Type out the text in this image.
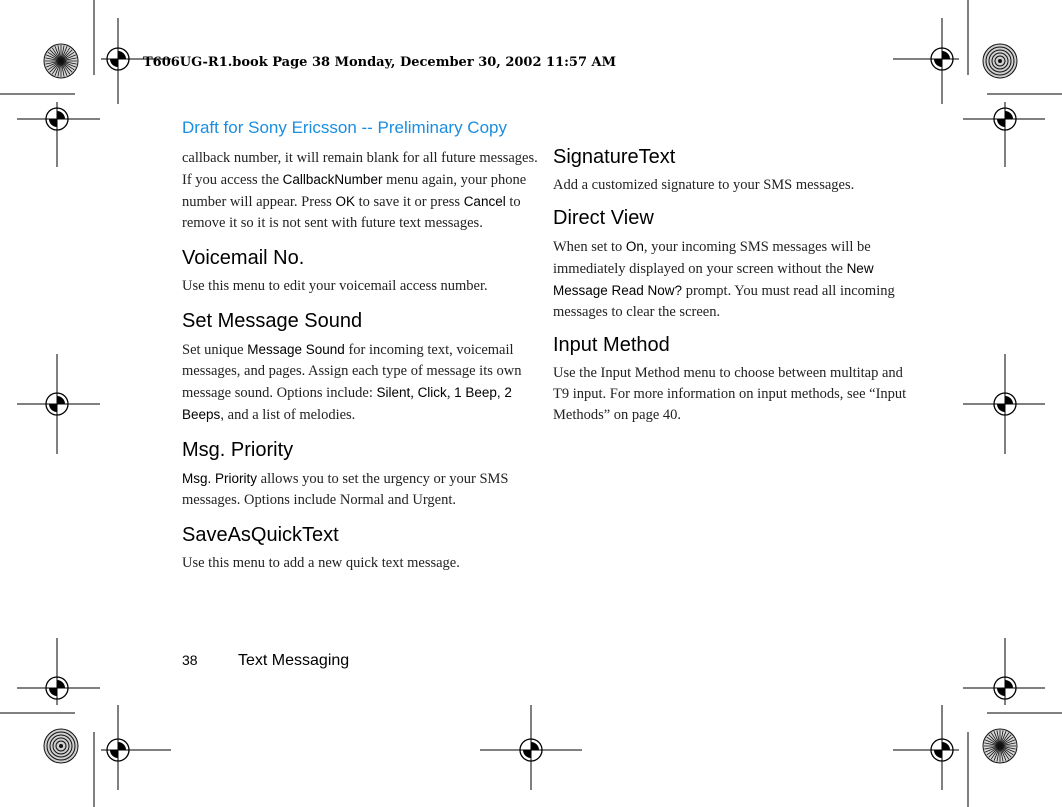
T606UG-R1.book Page 38 Monday, December 30, 2002 11:57 AM
Draft for Sony Ericsson -- Preliminary Copy

callback number, it will remain blank for all future messages. If you access the CallbackNumber menu again, your phone number will appear. Press OK to save it or press Cancel to remove it so it is not sent with future text messages.

Voicemail No.

Use this menu to edit your voicemail access number.

Set Message Sound

Set unique Message Sound for incoming text, voicemail messages, and pages. Assign each type of message its own message sound. Options include: Silent, Click, 1 Beep, 2 Beeps, and a list of melodies.

Msg. Priority

Msg. Priority allows you to set the urgency or your SMS messages. Options include Normal and Urgent.

SaveAsQuickText

Use this menu to add a new quick text message.

SignatureText

Add a customized signature to your SMS messages.

Direct View

When set to On, your incoming SMS messages will be immediately displayed on your screen without the New Message Read Now? prompt. You must read all incoming messages to clear the screen.

Input Method

Use the Input Method menu to choose between multitap and T9 input. For more information on input methods, see “Input Methods” on page 40.

38	Text Messaging
